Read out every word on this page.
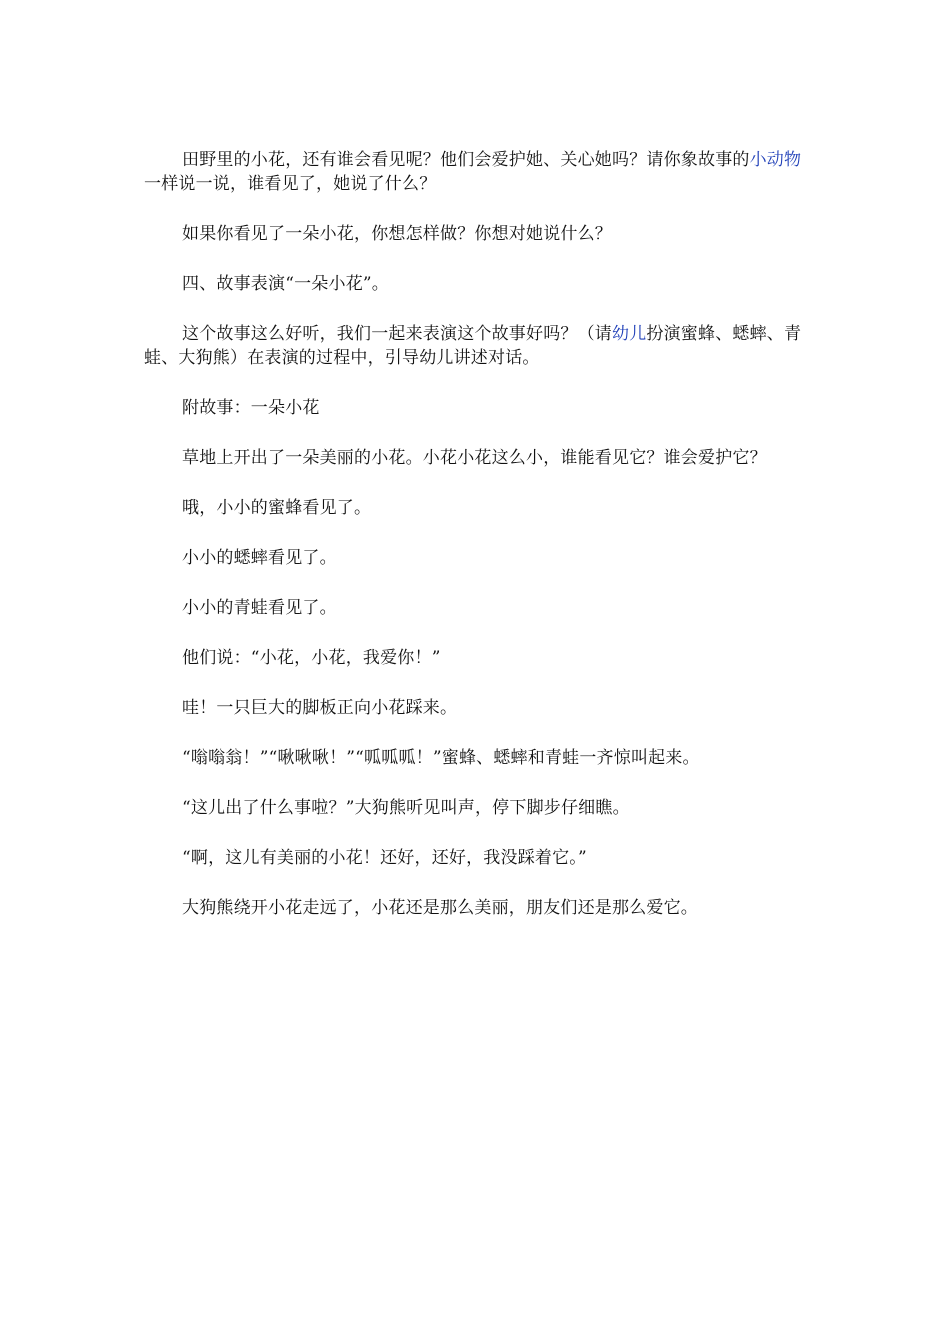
田野里的小花，还有谁会看见呢？他们会爱护她、关心她吗？请你象故事的小动物一样说一说，谁看见了，她说了什么？

如果你看见了一朵小花，你想怎样做？你想对她说什么？

四、故事表演“一朵小花”。

这个故事这么好听，我们一起来表演这个故事好吗？（请幼儿扮演蜜蜂、蟋蟀、青蛙、大狗熊）在表演的过程中，引导幼儿讲述对话。

附故事：一朵小花

草地上开出了一朵美丽的小花。小花小花这么小，谁能看见它？谁会爱护它？

哦，小小的蜜蜂看见了。

小小的蟋蟀看见了。

小小的青蛙看见了。

他们说：“小花，小花，我爱你！”

哇！一只巨大的脚板正向小花踩来。

“嗡嗡翁！”“啾啾啾！”“呱呱呱！”蜜蜂、蟋蟀和青蛙一齐惊叫起来。

“这儿出了什么事啦？”大狗熊听见叫声，停下脚步仔细瞧。

“啊，这儿有美丽的小花！还好，还好，我没踩着它。”

大狗熊绕开小花走远了，小花还是那么美丽，朋友们还是那么爱它。
